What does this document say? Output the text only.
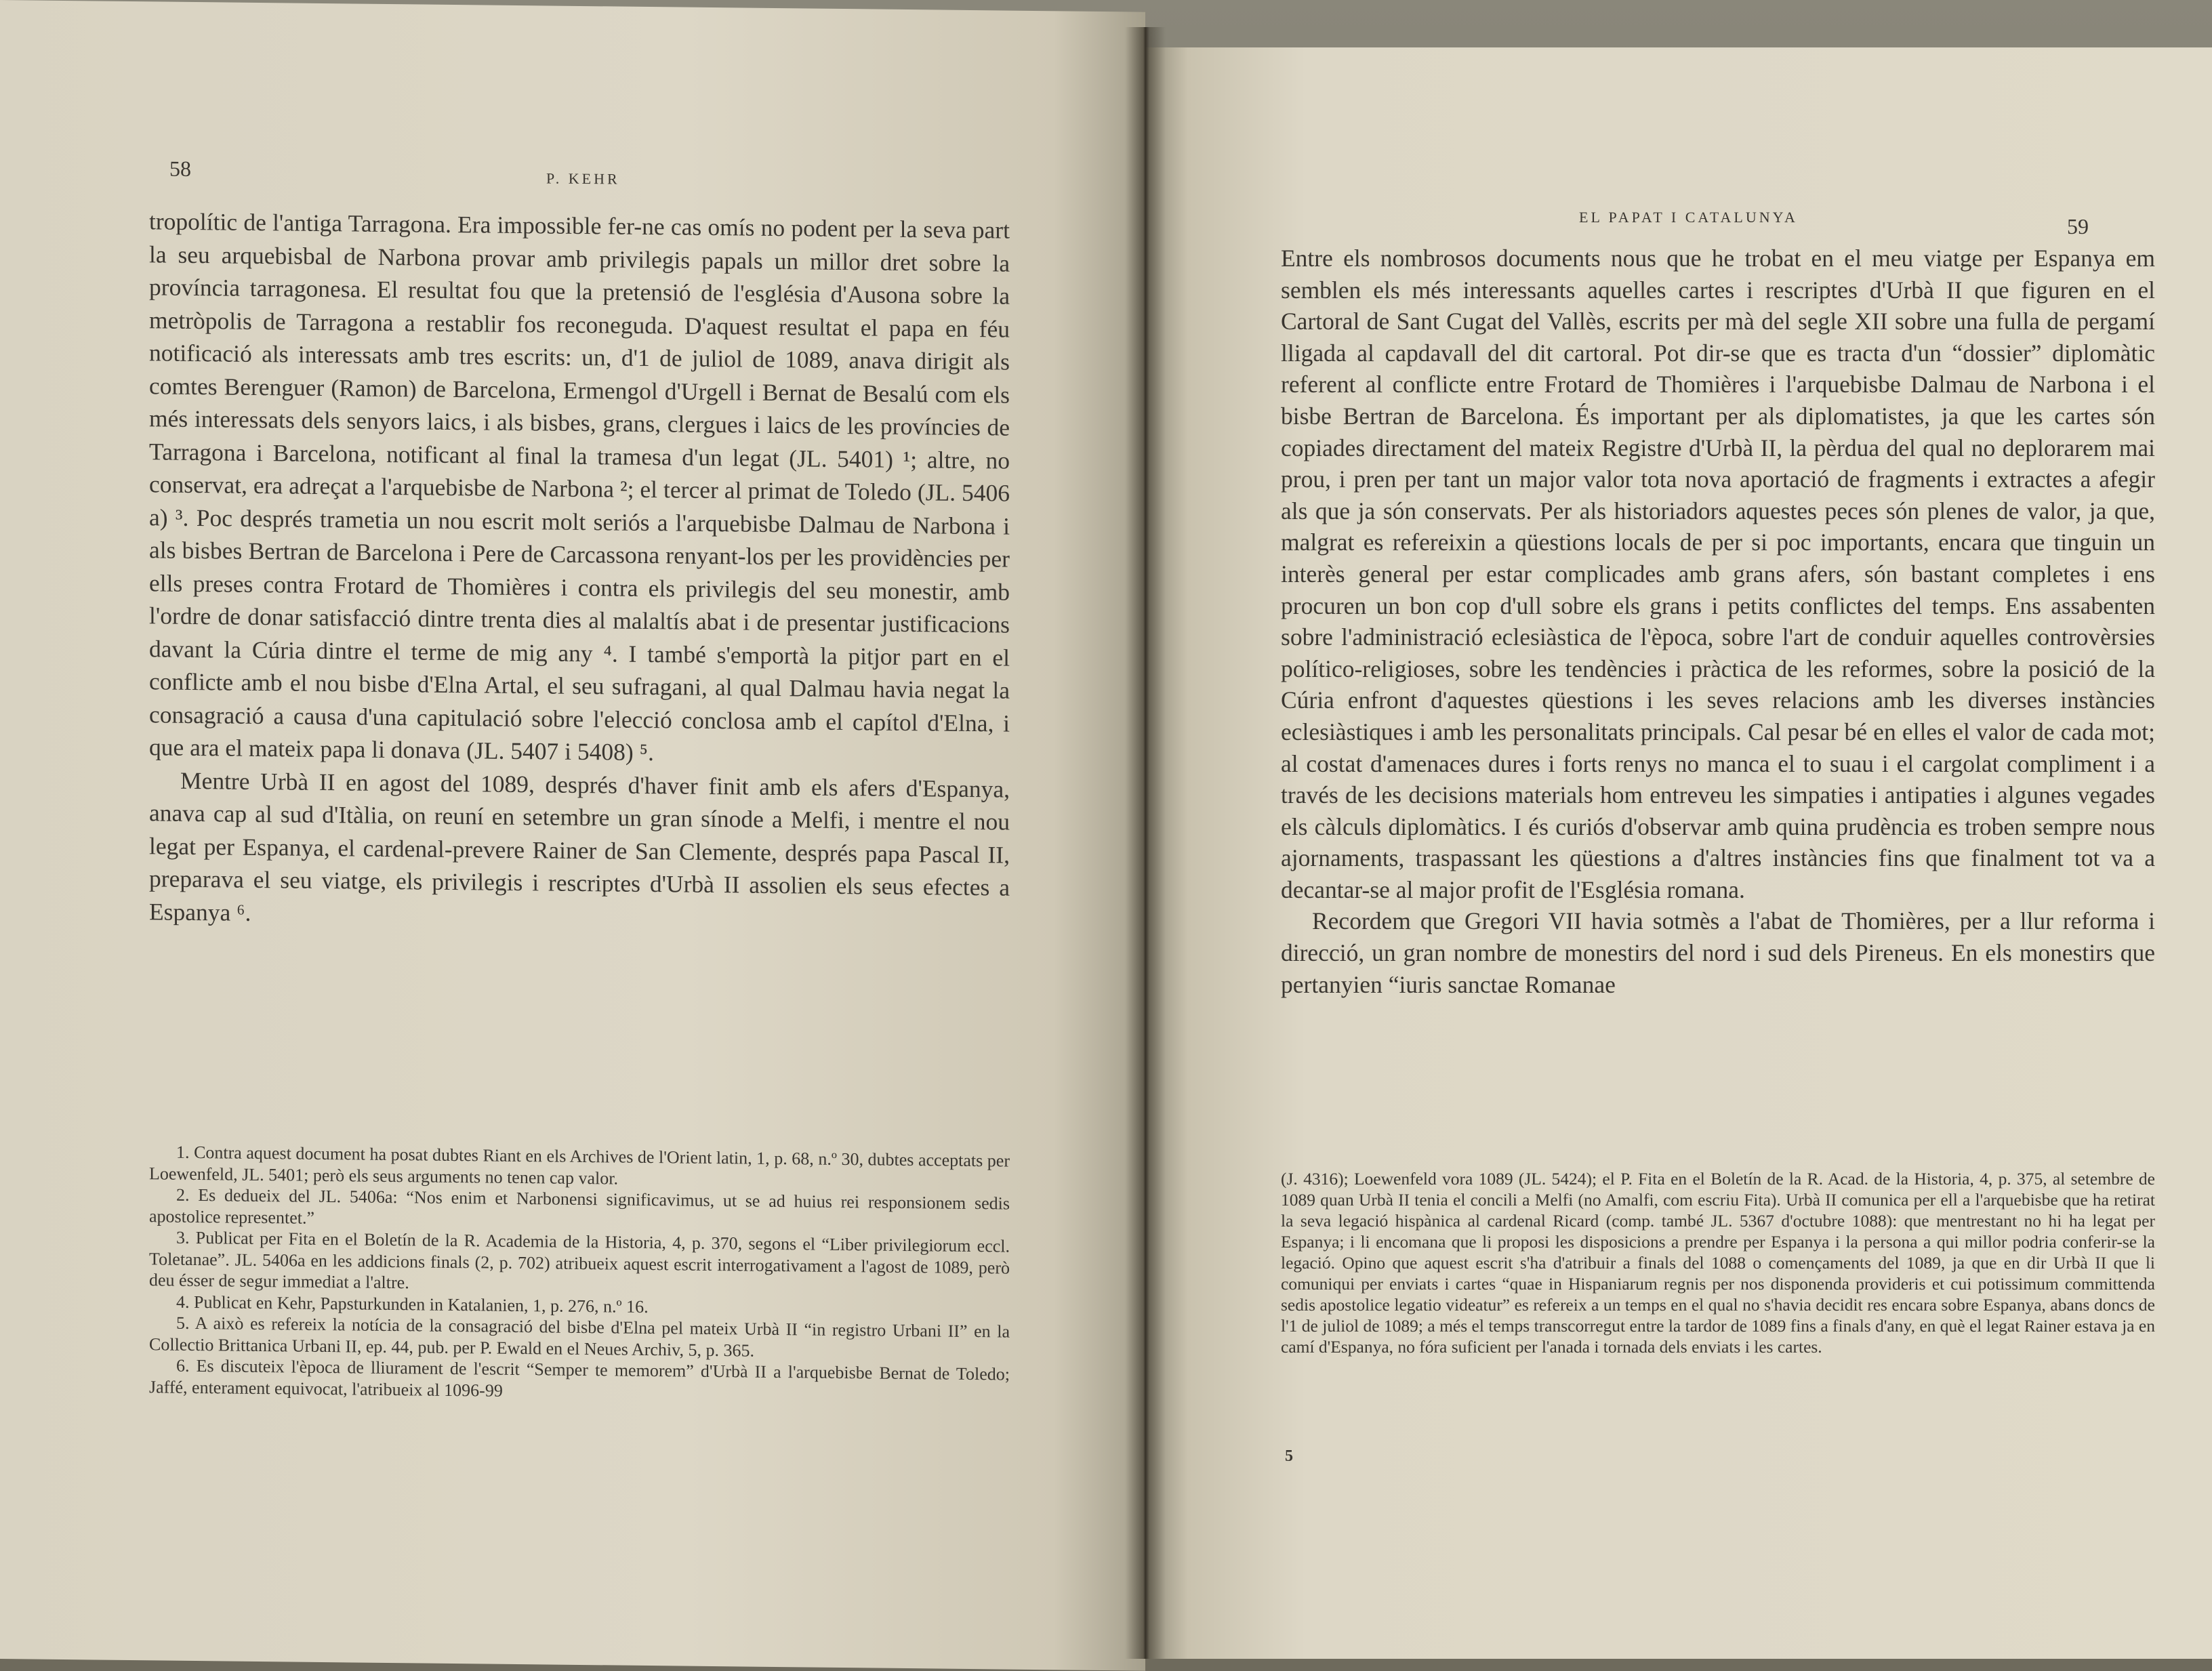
58	P. KEHR

tropolític de l'antiga Tarragona. Era impossible fer-ne cas omís no podent per la seva part la seu arquebisbal de Narbona provar amb privilegis papals un millor dret sobre la província tarragonesa. El resultat fou que la pretensió de l'església d'Ausona sobre la metròpolis de Tarragona a restablir fos reconeguda. D'aquest resultat el papa en féu notificació als interessats amb tres escrits: un, d'1 de juliol de 1089, anava dirigit als comtes Berenguer (Ramon) de Barcelona, Ermengol d'Urgell i Bernat de Besalú com els més interessats dels senyors laics, i als bisbes, grans, clergues i laics de les províncies de Tarragona i Barcelona, notificant al final la tramesa d'un legat (JL. 5401) ¹; altre, no conservat, era adreçat a l'arquebisbe de Narbona ²; el tercer al primat de Toledo (JL. 5406 a) ³. Poc després trametia un nou escrit molt seriós a l'arquebisbe Dalmau de Narbona i als bisbes Bertran de Barcelona i Pere de Carcassona renyant-los per les providències per ells preses contra Frotard de Thomières i contra els privilegis del seu monestir, amb l'ordre de donar satisfacció dintre trenta dies al malaltís abat i de presentar justificacions davant la Cúria dintre el terme de mig any ⁴. I també s'emportà la pitjor part en el conflicte amb el nou bisbe d'Elna Artal, el seu sufragani, al qual Dalmau havia negat la consagració a causa d'una capitulació sobre l'elecció conclosa amb el capítol d'Elna, i que ara el mateix papa li donava (JL. 5407 i 5408) ⁵.

Mentre Urbà II en agost del 1089, després d'haver finit amb els afers d'Espanya, anava cap al sud d'Itàlia, on reuní en setembre un gran sínode a Melfi, i mentre el nou legat per Espanya, el cardenal-prevere Rainer de San Clemente, després papa Pascal II, preparava el seu viatge, els privilegis i rescriptes d'Urbà II assolien els seus efectes a Espanya ⁶.

1. Contra aquest document ha posat dubtes Riant en els Archives de l'Orient latin, 1, p. 68, n.º 30, dubtes acceptats per Loewenfeld, JL. 5401; però els seus arguments no tenen cap valor.

2. Es dedueix del JL. 5406a: “Nos enim et Narbonensi significavimus, ut se ad huius rei responsionem sedis apostolice representet.”

3. Publicat per Fita en el Boletín de la R. Academia de la Historia, 4, p. 370, segons el “Liber privilegiorum eccl. Toletanae”. JL. 5406a en les addicions finals (2, p. 702) atribueix aquest escrit interrogativament a l'agost de 1089, però deu ésser de segur immediat a l'altre.

4. Publicat en Kehr, Papsturkunden in Katalanien, 1, p. 276, n.º 16.

5. A això es refereix la notícia de la consagració del bisbe d'Elna pel mateix Urbà II “in registro Urbani II” en la Collectio Brittanica Urbani II, ep. 44, pub. per P. Ewald en el Neues Archiv, 5, p. 365.

6. Es discuteix l'època de lliurament de l'escrit “Semper te memorem” d'Urbà II a l'arquebisbe Bernat de Toledo; Jaffé, enterament equivocat, l'atribueix al 1096-99

EL PAPAT I CATALUNYA	59

Entre els nombrosos documents nous que he trobat en el meu viatge per Espanya em semblen els més interessants aquelles cartes i rescriptes d'Urbà II que figuren en el Cartoral de Sant Cugat del Vallès, escrits per mà del segle XII sobre una fulla de pergamí lligada al capdavall del dit cartoral. Pot dir-se que es tracta d'un “dossier” diplomàtic referent al conflicte entre Frotard de Thomières i l'arquebisbe Dalmau de Narbona i el bisbe Bertran de Barcelona. És important per als diplomatistes, ja que les cartes són copiades directament del mateix Registre d'Urbà II, la pèrdua del qual no deplorarem mai prou, i pren per tant un major valor tota nova aportació de fragments i extractes a afegir als que ja són conservats. Per als historiadors aquestes peces són plenes de valor, ja que, malgrat es refereixin a qüestions locals de per si poc importants, encara que tinguin un interès general per estar complicades amb grans afers, són bastant completes i ens procuren un bon cop d'ull sobre els grans i petits conflictes del temps. Ens assabenten sobre l'administració eclesiàstica de l'època, sobre l'art de conduir aquelles controvèrsies político-religioses, sobre les tendències i pràctica de les reformes, sobre la posició de la Cúria enfront d'aquestes qüestions i les seves relacions amb les diverses instàncies eclesiàstiques i amb les personalitats principals. Cal pesar bé en elles el valor de cada mot; al costat d'amenaces dures i forts renys no manca el to suau i el cargolat compliment i a través de les decisions materials hom entreveu les simpaties i antipaties i algunes vegades els càlculs diplomàtics. I és curiós d'observar amb quina prudència es troben sempre nous ajornaments, traspassant les qüestions a d'altres instàncies fins que finalment tot va a decantar-se al major profit de l'Església romana.

Recordem que Gregori VII havia sotmès a l'abat de Thomières, per a llur reforma i direcció, un gran nombre de monestirs del nord i sud dels Pireneus. En els monestirs que pertanyien “iuris sanctae Romanae

(J. 4316); Loewenfeld vora 1089 (JL. 5424); el P. Fita en el Boletín de la R. Acad. de la Historia, 4, p. 375, al setembre de 1089 quan Urbà II tenia el concili a Melfi (no Amalfi, com escriu Fita). Urbà II comunica per ell a l'arquebisbe que ha retirat la seva legació hispànica al cardenal Ricard (comp. també JL. 5367 d'octubre 1088): que mentrestant no hi ha legat per Espanya; i li encomana que li proposi les disposicions a prendre per Espanya i la persona a qui millor podria conferir-se la legació. Opino que aquest escrit s'ha d'atribuir a finals del 1088 o començaments del 1089, ja que en dir Urbà II que li comuniqui per enviats i cartes “quae in Hispaniarum regnis per nos disponenda provideris et cui potissimum committenda sedis apostolice legatio videatur” es refereix a un temps en el qual no s'havia decidit res encara sobre Espanya, abans doncs de l'1 de juliol de 1089; a més el temps transcorregut entre la tardor de 1089 fins a finals d'any, en què el legat Rainer estava ja en camí d'Espanya, no fóra suficient per l'anada i tornada dels enviats i les cartes.

5
